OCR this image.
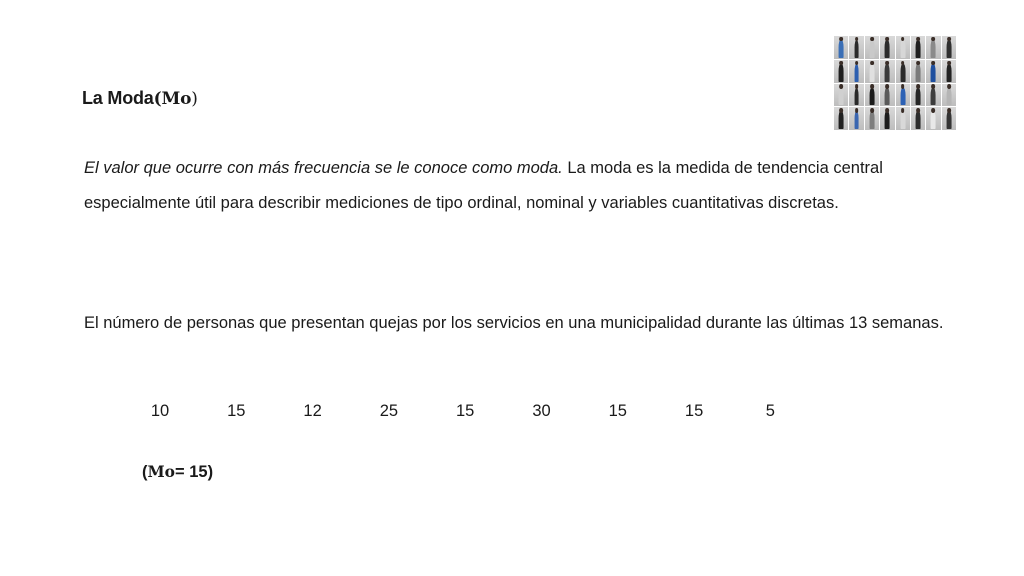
La Moda(Mo)
El valor que ocurre con más frecuencia se le conoce como moda. La moda es la medida de tendencia central especialmente útil para describir mediciones de tipo ordinal, nominal y variables cuantitativas discretas.
El número de personas que presentan quejas por los servicios en una municipalidad durante las últimas 13 semanas.
10	15	12	25	15	30	15	15	5
(Mo= 15)
